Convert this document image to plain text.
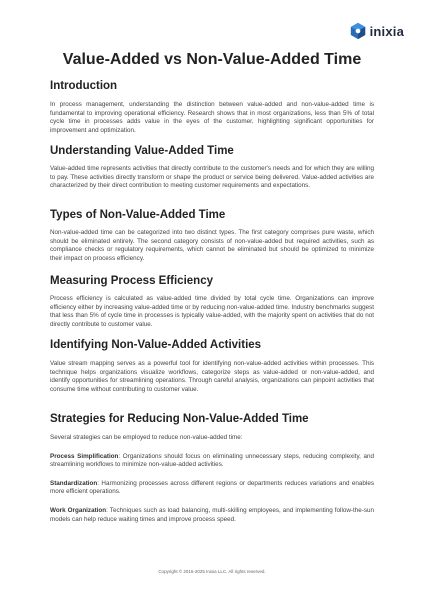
inixia
Value-Added vs Non-Value-Added Time
Introduction

In process management, understanding the distinction between value-added and non-value-added time is fundamental to improving operational efficiency. Research shows that in most organizations, less than 5% of total cycle time in processes adds value in the eyes of the customer, highlighting significant opportunities for improvement and optimization.

Understanding Value-Added Time

Value-added time represents activities that directly contribute to the customer's needs and for which they are willing to pay. These activities directly transform or shape the product or service being delivered. Value-added activities are characterized by their direct contribution to meeting customer requirements and expectations.

Types of Non-Value-Added Time

Non-value-added time can be categorized into two distinct types. The first category comprises pure waste, which should be eliminated entirely. The second category consists of non-value-added but required activities, such as compliance checks or regulatory requirements, which cannot be eliminated but should be optimized to minimize their impact on process efficiency.

Measuring Process Efficiency

Process efficiency is calculated as value-added time divided by total cycle time. Organizations can improve efficiency either by increasing value-added time or by reducing non-value-added time. Industry benchmarks suggest that less than 5% of cycle time in processes is typically value-added, with the majority spent on activities that do not directly contribute to customer value.

Identifying Non-Value-Added Activities

Value stream mapping serves as a powerful tool for identifying non-value-added activities within processes. This technique helps organizations visualize workflows, categorize steps as value-added or non-value-added, and identify opportunities for streamlining operations. Through careful analysis, organizations can pinpoint activities that consume time without contributing to customer value.

Strategies for Reducing Non-Value-Added Time

Several strategies can be employed to reduce non-value-added time:

Process Simplification: Organizations should focus on eliminating unnecessary steps, reducing complexity, and streamlining workflows to minimize non-value-added activities.

Standardization: Harmonizing processes across different regions or departments reduces variations and enables more efficient operations.

Work Organization: Techniques such as load balancing, multi-skilling employees, and implementing follow-the-sun models can help reduce waiting times and improve process speed.

Copyright © 2016-2025 Inixia LLC. All rights reserved.
